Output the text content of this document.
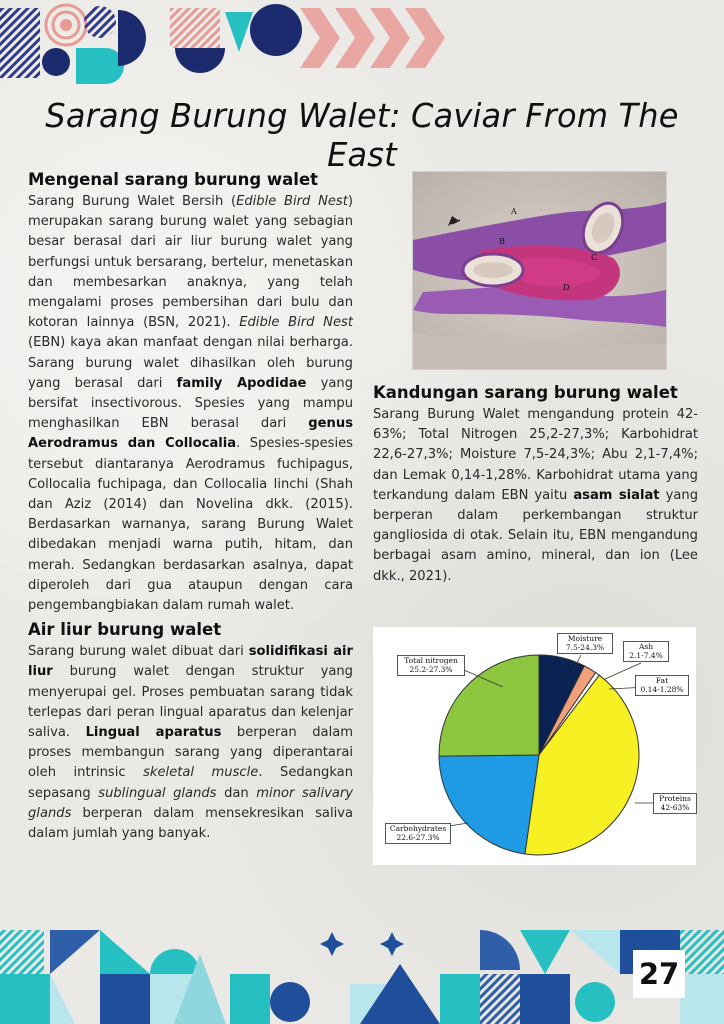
Sarang Burung Walet: Caviar From The East
Mengenal sarang burung walet

Sarang Burung Walet Bersih (Edible Bird Nest) merupakan sarang burung walet yang sebagian besar berasal dari air liur burung walet yang berfungsi untuk bersarang, bertelur, menetaskan dan membesarkan anaknya, yang telah mengalami proses pembersihan dari bulu dan kotoran lainnya (BSN, 2021). Edible Bird Nest (EBN) kaya akan manfaat dengan nilai berharga. Sarang burung walet dihasilkan oleh burung yang berasal dari family Apodidae yang bersifat insectivorous. Spesies yang mampu menghasilkan EBN berasal dari genus Aerodramus dan Collocalia. Spesies-spesies tersebut diantaranya Aerodramus fuchipagus, Collocalia fuchipaga, dan Collocalia linchi (Shah dan Aziz (2014) dan Novelina dkk. (2015). Berdasarkan warnanya, sarang Burung Walet dibedakan menjadi warna putih, hitam, dan merah. Sedangkan berdasarkan asalnya, dapat diperoleh dari gua ataupun dengan cara pengembangbiakan dalam rumah walet.

Air liur burung walet

Sarang burung walet dibuat dari solidifikasi air liur burung walet dengan struktur yang menyerupai gel. Proses pembuatan sarang tidak terlepas dari peran lingual aparatus dan kelenjar saliva. Lingual aparatus berperan dalam proses membangun sarang yang diperantarai oleh intrinsic skeletal muscle. Sedangkan sepasang sublingual glands dan minor salivary glands berperan dalam mensekresikan saliva dalam jumlah yang banyak.

A
B
C
D
Kandungan sarang burung walet

Sarang Burung Walet mengandung protein 42-63%; Total Nitrogen 25,2-27,3%; Karbohidrat 22,6-27,3%; Moisture 7,5-24,3%; Abu 2,1-7,4%; dan Lemak 0,14-1,28%. Karbohidrat utama yang terkandung dalam EBN yaitu asam sialat yang berperan dalam perkembangan struktur gangliosida di otak. Selain itu, EBN mengandung berbagai asam amino, mineral, dan ion (Lee dkk., 2021).

Moisture
7.5-24.3%	Ash
2.1-7.4%
Fat
0.14-1.28%
Proteins
42-63%
Carbohydrates
22.6-27.3%
Total nitrogen
25.2-27.3%
27
